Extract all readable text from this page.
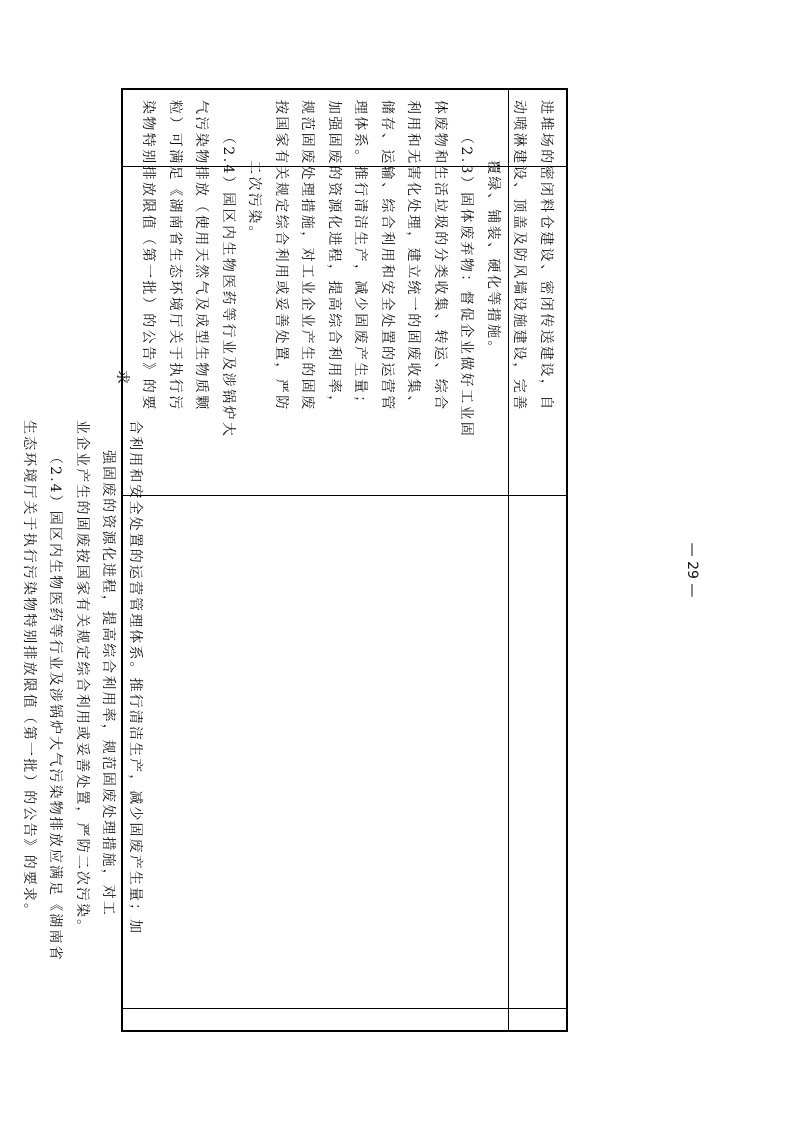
合利用和安全处置的运营管理体系。推行清洁生产，减少固废产生量；加
强固废的资源化进程，提高综合利用率，规范固废处理措施，对工
业企业产生的固废按国家有关规定综合利用或妥善处置，严防二次污染。
（2.4）园区内生物医药等行业及涉锅炉大气污染物排放应满足《湖南省
生态环境厅关于执行污染物特别排放限值（第一批）的公告》的要求。
进堆场的密闭料仓建设、密闭传送建设，自
动喷淋建设、顶盖及防风墙设施建设，完善
覆绿、铺装、硬化等措施。
（2.3）固体废弃物：督促企业做好工业固
体废物和生活垃圾的分类收集、转运、综合
利用和无害化处理，建立统一的固废收集、
储存、运输、综合利用和安全处置的运营管
理体系。推行清洁生产，减少固废产生量；
加强固废的资源化进程，提高综合利用率，
规范固废处理措施，对工业企业产生的固废
按国家有关规定综合利用或妥善处置，严防
二次污染。
（2.4）园区内生物医药等行业及涉锅炉大
气污染物排放（使用天然气及成型生物质颗
粒）可满足《湖南省生态环境厅关于执行污
染物特别排放限值（第一批）的公告》的要
求
— 29 —
